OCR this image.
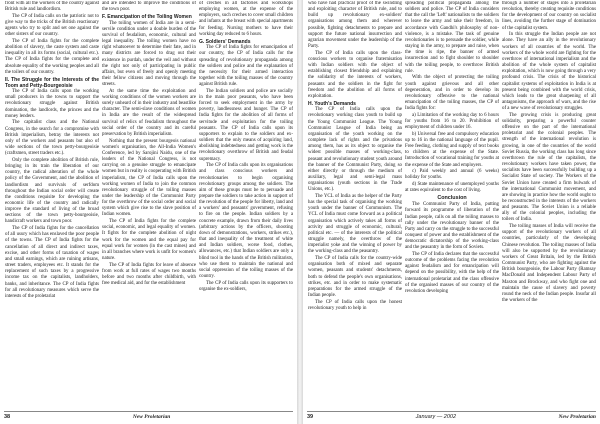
front with all the workers of the country against British rule and landlordism.

The CP of India calls on the patriotic not to give way to the tricks of the British reactionary agents who try to split and set one against the other sisters of our country.

The CP of India fights for the complete abolition of slavery, the caste system and caste inequality in all its forms (social, cultural etc.). The CP of India fights for the complete and absolute equality of the working peoples and all the toilers of our country.

II. The Struggle for the Interests of the Toom and Petty-Bourgeoisie

The CP of India calls upon the working small producers in the towns to support the revolutionary struggle against British domination, the landlords, the princes and the money lenders.

The capitalist class and the National Congress, in the search for a compromise with British imperialism, betray the interests not only of the workers and peasants but also of wide sections of the town petty-bourgeoisie (craftsmen, street traders etc.).

Only the complete abolition of British rule, bringing in its train the liberation of our country, the radical alteration of the whole policy of the Government, and the abolition of landlordism and survivals of serfdom throughout the Indian social order will create the conditions requisite for developing the economic life of the country and radically improve the standard of living of the broad sections of the town petty-bourgeoisie, handicraft workers and town poor.

The CP of India fights for the cancellation of all usury which has enslaved the poor people of the towns. The CP of India fights for the cancellation of all direct and indirect taxes, excise, and other forms of taxation of wages and small earnings, which are ruining artisans, street traders, employees etc. It stands for the replacement of such taxes by a progressive income tax on the capitalists, landholders, banks, and inheritance. The CP of India fights for all revolutionary measures which serve the interests of the proletariat

and are intended to improve the conditions of the town poor.

F. Emancipation of the Toiling Women

The toiling women of India are in a semi-servile condition under a double burden of the survival of feudalism, economic, cultural and legal inequality. The toiling women have no right whatsoever to determine their fate, and in many districts are forced to drag out their existence in purdah, under the veil and without the right not only of participating in public affairs, but even of freely and openly meeting their fellow citizens and moving through the streets.

At the same time the exploitation and working conditions of the women workers are surely unheard of in their industry and beastlike character. The semi-slave conditions of women in India are the result of the widespread survival of relics of feudalism throughout the social order of the country and its careful preservation by British imperialism.

Nothing that the present bourgeois national women's organisation, the All-India Women's Conference, led by Sarojini Naidu, one of the leaders of the National Congress, is not carrying on a genuine struggle to emancipate women but in reality is cooperating with British imperialism, the CP of India calls upon the working women of India to join the common revolutionary struggle of the toiling masses under the leadership of the Communist Party for the overthrow of the social order and social system which give rise to the slave position of Indian women.

The CP of India fights for the complete social, economic, and legal equality of women. It fights for the complete abolition of night work for the women and the equal pay for equal work for women (in the cast mines) and in all branches where work is unfit for women's nature.

The CP of India fights for leave of absence from work at full rates of wages two months before and two months after childbirth, with free medical aid, and for the establishment

of creches in all factories and workshops employing women, at the expense of the employers, such creches to cover small children and infants at the breast with special apartments for feeding. Nursing mothers to have their working day reduced to 6 hours.

G. Soldiers' Demands

The CP of India fights for emancipation of our country, the CP of India calls for the spreading of revolutionary propaganda among the soldiers and police and the explanation of the necessity for their armed interaction together with the toiling masses of the country against British rule.

The Indian soldiers and police are socially in the main poor peasants, who have been forced to seek employment in the army by poverty, landlessness and hunger. The CP of India fights for the abolition of all forms of servitude and exploitation for the toiling peasants. The CP of India calls upon its supporters to explain to the soldiers and ex-soldiers that the only means of acquiring land, abolishing indebtedness and getting work is the revolutionary overthrow of British and feudal supremacy.

The CP of India calls upon its organisations and class conscious workers and revolutionaries to begin organising revolutionary groups among the soldiers. The aim of these groups must be to persuade and prepare the soldiers to take action in support of the revolution of the people for liberty, land and a workers' and peasants' government, refusing to fire on the people. Indian soldiers by a concrete example, drawn from their daily lives (arbitrary actions by the officers, shooting down of demonstrations, workers, strikes etc.), that and inequality of the treatment of white and Indian soldiers, worse food, clothes, allowances, etc.) that Indian soldiers are only a blind tool in the hands of the British militarists, who use them to maintain the national and social oppression of the toiling masses of the country.

The CP of India calls upon its supporters to organise the ex-soldiers,

38	New Proletarian

who have had practical proof of the swindling and exploiting character of British rule, and to build up revolutionary ex-soldiers' organisations among them and wherever possible, fighting detachments to prepare and support the future national insurrection and agrarian movement under the leadership of the Party.

The CP of India calls upon the class-conscious workers to organise fraternisation with Indian soldiers with the object of establishing closest friendship and explaining the solidarity of the interests of workers, peasants and the soldiers in the fight for freedom and the abolition of all forms of exploitation.

H. Youth's Demands

The CP of India calls upon the revolutionary working class youth to build up the Young Communist League. The Young Communist League of India being an organisation of the youth working on the complete lack of rights and the privations among them, has as its object to organise the widest possible masses of working-class, peasant and revolutionary student youth around the banner of the Communist Party, doing so either directly or through the medium of auxiliary, legal and semi-legal mass organisations (youth sections in the Trade Unions, etc.).

The YCL of India as the helper of the Party has the special task of organising the working youth under the banner of Communism. The YCL of India must come forward as a political organisation which actively takes all forms of activity and struggle of economic, cultural, political etc. — of the interests of the political struggle namely, the overthrow of the imperialist yoke and the winning of power by the working-class and the peasantry.

The CP of India calls for the country-wide organisation both of mixed and separate women, peasants and students' detachments, both to defend the people's own organisations, strikes, etc. and in order to make systematic preparations for the armed struggle of the Indian people.

The CP of India calls upon the honest revolutionary youth to help in

spreading political propaganda among the soldiers and police. The CP of India considers that the call the 'Left' nationalists to the soldiers to leave the army and take their freedom, in accordance with Gandhi's philosophy of non-violence, is a mistake. The task of genuine revolutionaries is to persuade the soldier, while staying in the army, to prepare and raise, when the time is ripe, the banner of armed insurrection and to fight shoulder to shoulder with the toiling people, to overthrow British rule.

With the object of protecting the toiling youth against grievous and all other degeneration, and in order to develop its revolutionary offensive to the national emancipation of the toiling masses, the CP of India fights for:

a) Limitation of the working day to 6 hours for youths from 16 to 20. Prohibition of employment of children under 16.

b) Universal free and compulsory education up to 16 in the national language of the pupil. Free feeding, clothing and supply of text books to children at the expense of the State. Introduction of vocational training for youths at the expense of the State and employers.

c) Paid weekly and annual (6 weeks) holiday for youths.

d) State maintenance of unemployed youths at rates equivalent to the cost of living.

Conclusion

The Communist Party of India, putting forward its programme of liberation of the Indian people, calls on all the toiling masses to rally under the revolutionary banner of the Party and carry on the struggle to the successful conquest of power and the establishment of the democratic dictatorship of the working-class and the peasantry in the form of Soviets.

The CP of India declares that the successful outcome of the problems facing the revolution against feudalism and for emancipation will depend on the possibility, with the help of the international proletariat and the class offensive of the organised masses of our country of the revolution developing

through a number of stages into a proletarian revolution, thereby creating requisite conditions for the development of our country on socialist lines, avoiding the further stage of domination of the capitalist system.

In this struggle the Indian people are not alone. They have an ally in the revolutionary workers of all countries of the world. The workers of the whole world are fighting for the overthrow of international imperialism and the abolition of the whole system of capitalist exploitation, which is now going through a very profound crisis. The crisis of the historical capitalist systems of exploitation in India is at present being combined with the world crisis, which leads to the great sharpening of all antagonisms, the approach of wars, and the rise of a new wave of revolutionary struggles.

The growing crisis is producing great solidarity, preparing a powerful counter offensive on the part of the international proletariat and the colonial peoples. The strength of the international revolution is growing, in one of the countries of the world Soviet Russia, the working class has long since overthrown the rule of the capitalists, the revolutionary workers have taken power, the socialists have been successfully building up a Socialist State of society. The Workers of the Soviet Union have created a firm bulwark of the international Communist movement, and are showing in practice how the world ought to be reconstructed in the interests of the workers and peasants. The Soviet Union is a reliable ally of the colonial peoples, including the toilers of India.

The toiling masses of India will receive the support of the revolutionary workers of all countries, particularly of the developing Chinese revolution. The toiling masses of India will also be supported by the revolutionary workers of Great Britain, led by the British Communist Party, who are fighting against the British bourgeoisie, the Labour Party (Ramsay MacDonald and Independent Labour Party of Maxton and Brockway, and who fight one and maintain the cause of slavery and poverty round the neck of the Indian people. Insofar all the workers of the

39	January — 2002	New Proletarian
